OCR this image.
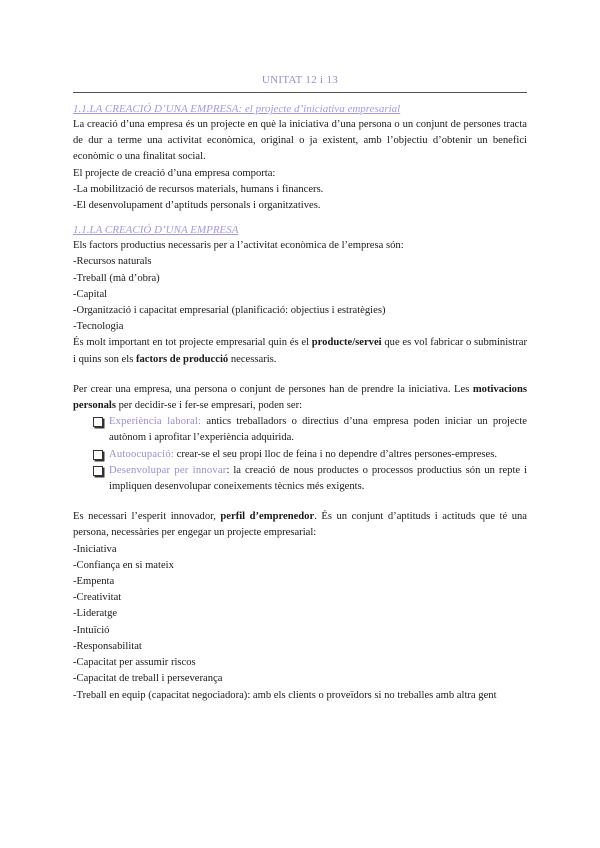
UNITAT 12 i 13

1.1.LA CREACIÓ D’UNA EMPRESA: el projecte d’iniciativa empresarial

La creació d’una empresa és un projecte en què la iniciativa d’una persona o un conjunt de persones tracta de dur a terme una activitat econòmica, original o ja existent, amb l’objectiu d’obtenir un benefici econòmic o una finalitat social.

El projecte de creació d’una empresa comporta:

-La mobilització de recursos materials, humans i financers.

-El desenvolupament d’aptituds personals i organitzatives.

1.1.LA CREACIÓ D’UNA EMPRESA

Els factors productius necessaris per a l’activitat econòmica de l’empresa són:

-Recursos naturals

-Treball (mà d’obra)

-Capital

-Organització i capacitat empresarial (planificació: objectius i estratègies)

-Tecnologia

És molt important en tot projecte empresarial quin és el producte/servei que es vol fabricar o subministrar i quins son els factors de producció necessaris.

Per crear una empresa, una persona o conjunt de persones han de prendre la iniciativa. Les motivacions personals per decidir-se i fer-se empresari, poden ser:

Experiència laboral: antics treballadors o directius d’una empresa poden iniciar un projecte autònom i aprofitar l’experiència adquirida.
Autoocupació: crear-se el seu propi lloc de feina i no dependre d’altres persones-empreses.
Desenvolupar per innovar: la creació de nous productes o processos productius són un repte i impliquen desenvolupar coneixements tècnics més exigents.

Es necessari l’esperit innovador, perfil d’emprenedor. És un conjunt d’aptituds i actituds que té una persona, necessàries per engegar un projecte empresarial:

-Iniciativa

-Confiança en si mateix

-Empenta

-Creativitat

-Lideratge

-Intuïció

-Responsabilitat

-Capacitat per assumir riscos

-Capacitat de treball i perseverança

-Treball en equip (capacitat negociadora): amb els clients o proveïdors si no treballes amb altra gent
